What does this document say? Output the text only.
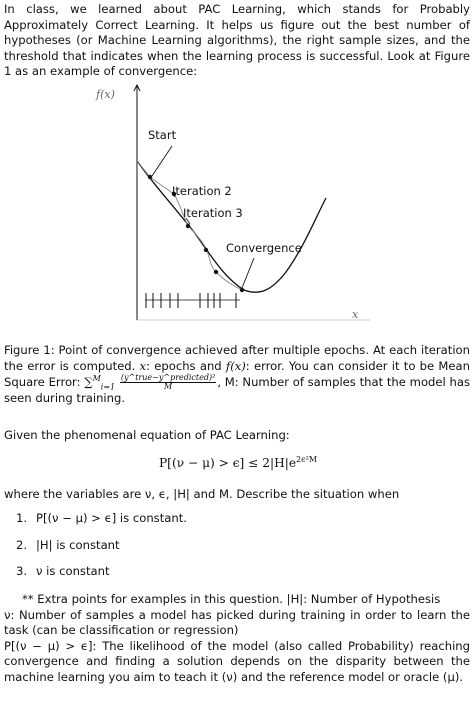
In class, we learned about PAC Learning, which stands for Probably Approximately Correct Learning. It helps us figure out the best number of hypotheses (or Machine Learning algorithms), the right sample sizes, and the threshold that indicates when the learning process is successful. Look at Figure 1 as an example of convergence:
f(x)
x
Start
Iteration 2
Iteration 3
Convergence
Figure 1: Point of convergence achieved after multiple epochs. At each iteration the error is computed. x: epochs and f(x): error. You can consider it to be Mean Square Error: $\sum^M_{i=1} \frac{\text{(y\textasciicircum{}true−y\textasciicircum{}predicted)²}}{M}$ , M: Number of samples that the model has seen during training.
Given the phenomenal equation of PAC Learning:
$P[(\nu - \mu) > \epsilon] \le 2|H|e^{2\epsilon^2M}$
where the variables are ν, ϵ, |H| and M. Describe the situation when
1. P[(ν − μ) > ϵ] is constant.
2. |H| is constant
3. ν is constant

** Extra points for examples in this question. |H|: Number of Hypothesis

ν: Number of samples a model has picked during training in order to learn the task (can be classification or regression)

P[(ν − μ) > ϵ]: The likelihood of the model (also called Probability) reaching convergence and finding a solution depends on the disparity between the machine learning you aim to teach it (ν) and the reference model or oracle (μ).
